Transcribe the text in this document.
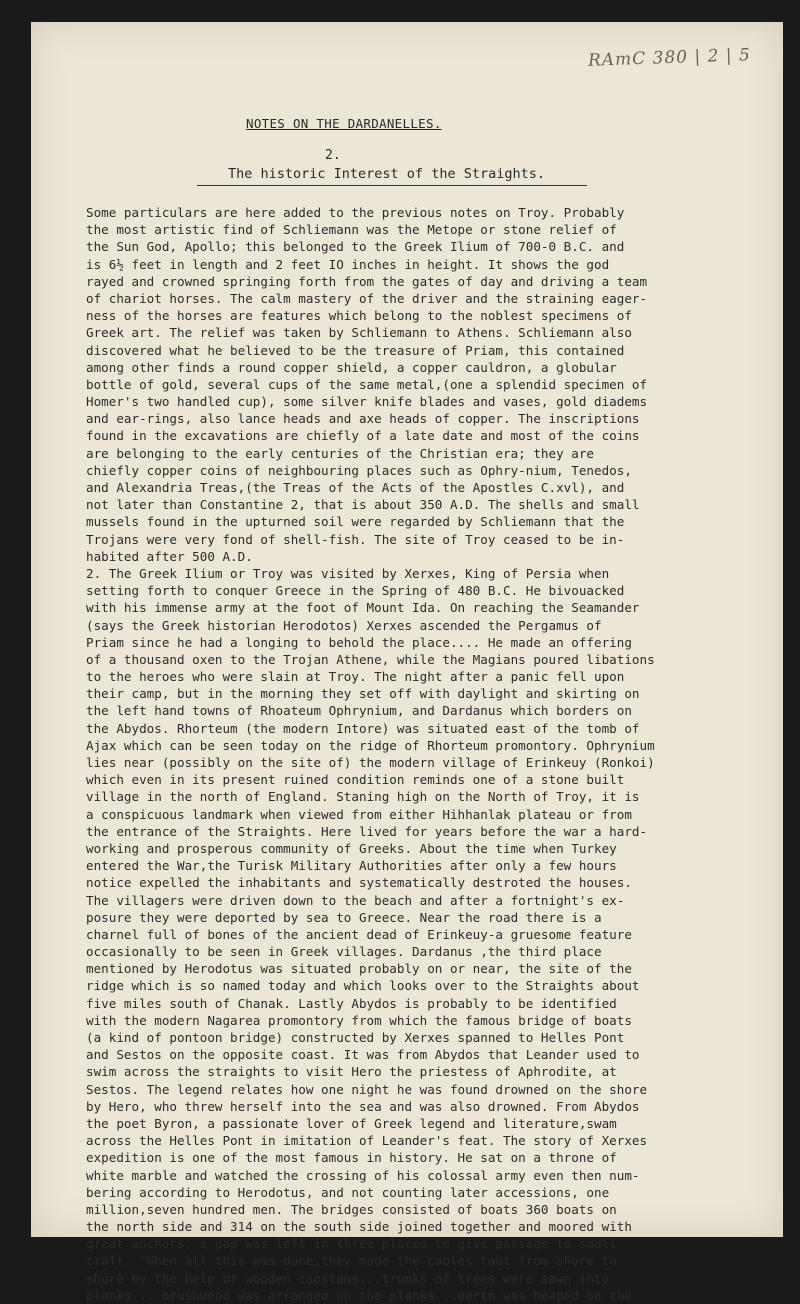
RAmC 380 | 2 | 5
NOTES ON THE DARDANELLES.
2.
The historic Interest of the Straights.
Some particulars are here added to the previous notes on Troy. Probably
the most artistic find of Schliemann was the Metope or stone relief of
the Sun God, Apollo; this belonged to the Greek Ilium of 700-0 B.C. and
is 6½ feet in length and 2 feet IO inches in height. It shows the god
rayed and crowned springing forth from the gates of day and driving a team
of chariot horses. The calm mastery of the driver and the straining eager-
ness of the horses are features which belong to the noblest specimens of
Greek art. The relief was taken by Schliemann to Athens. Schliemann also
discovered what he believed to be the treasure of Priam, this contained
among other finds a round copper shield, a copper cauldron, a globular
bottle of gold, several cups of the same metal,(one a splendid specimen of
Homer's two handled cup), some silver knife blades and vases, gold diadems
and ear-rings, also lance heads and axe heads of copper. The inscriptions
found in the excavations are chiefly of a late date and most of the coins
are belonging to the early centuries of the Christian era; they are
chiefly copper coins of neighbouring places such as Ophry-nium, Tenedos,
and Alexandria Treas,(the Treas of the Acts of the Apostles C.xvl), and
not later than Constantine 2, that is about 350 A.D. The shells and small
mussels found in the upturned soil were regarded by Schliemann that the
Trojans were very fond of shell-fish. The site of Troy ceased to be in-
habited after 500 A.D.
2. The Greek Ilium or Troy was visited by Xerxes, King of Persia when
setting forth to conquer Greece in the Spring of 480 B.C. He bivouacked
with his immense army at the foot of Mount Ida. On reaching the Seamander
(says the Greek historian Herodotos) Xerxes ascended the Pergamus of
Priam since he had a longing to behold the place.... He made an offering
of a thousand oxen to the Trojan Athene, while the Magians poured libations
to the heroes who were slain at Troy. The night after a panic fell upon
their camp, but in the morning they set off with daylight and skirting on
the left hand towns of Rhoateum Ophrynium, and Dardanus which borders on
the Abydos. Rhorteum (the modern Intore) was situated east of the tomb of
Ajax which can be seen today on the ridge of Rhorteum promontory. Ophrynium
lies near (possibly on the site of) the modern village of Erinkeuy (Ronkoi)
which even in its present ruined condition reminds one of a stone built
village in the north of England. Staning high on the North of Troy, it is
a conspicuous landmark when viewed from either Hihhanlak plateau or from
the entrance of the Straights. Here lived for years before the war a hard-
working and prosperous community of Greeks. About the time when Turkey
entered the War,the Turisk Military Authorities after only a few hours
notice expelled the inhabitants and systematically destroted the houses.
The villagers were driven down to the beach and after a fortnight's ex-
posure they were deported by sea to Greece. Near the road there is a
charnel full of bones of the ancient dead of Erinkeuy-a gruesome feature
occasionally to be seen in Greek villages. Dardanus ,the third place
mentioned by Herodotus was situated probably on or near, the site of the
ridge which is so named today and which looks over to the Straights about
five miles south of Chanak. Lastly Abydos is probably to be identified
with the modern Nagarea promontory from which the famous bridge of boats
(a kind of pontoon bridge) constructed by Xerxes spanned to Helles Pont
and Sestos on the opposite coast. It was from Abydos that Leander used to
swim across the straights to visit Hero the priestess of Aphrodite, at
Sestos. The legend relates how one night he was found drowned on the shore
by Hero, who threw herself into the sea and was also drowned. From Abydos
the poet Byron, a passionate lover of Greek legend and literature,swam
across the Helles Pont in imitation of Leander's feat. The story of Xerxes
expedition is one of the most famous in history. He sat on a throne of
white marble and watched the crossing of his colossal army even then num-
bering according to Herodotus, and not counting later accessions, one
million,seven hundred men. The bridges consisted of boats 360 boats on
the north side and 314 on the south side joined together and moored with
great anchors, a gap was left in three places to give passage to small
craft. "When all this was done,they made the cables taut from shore to
shore by the help of wooden capstans...trunks of trees were sawn into
planks... brushwood was arranged on the planks...earth was heaped on the
